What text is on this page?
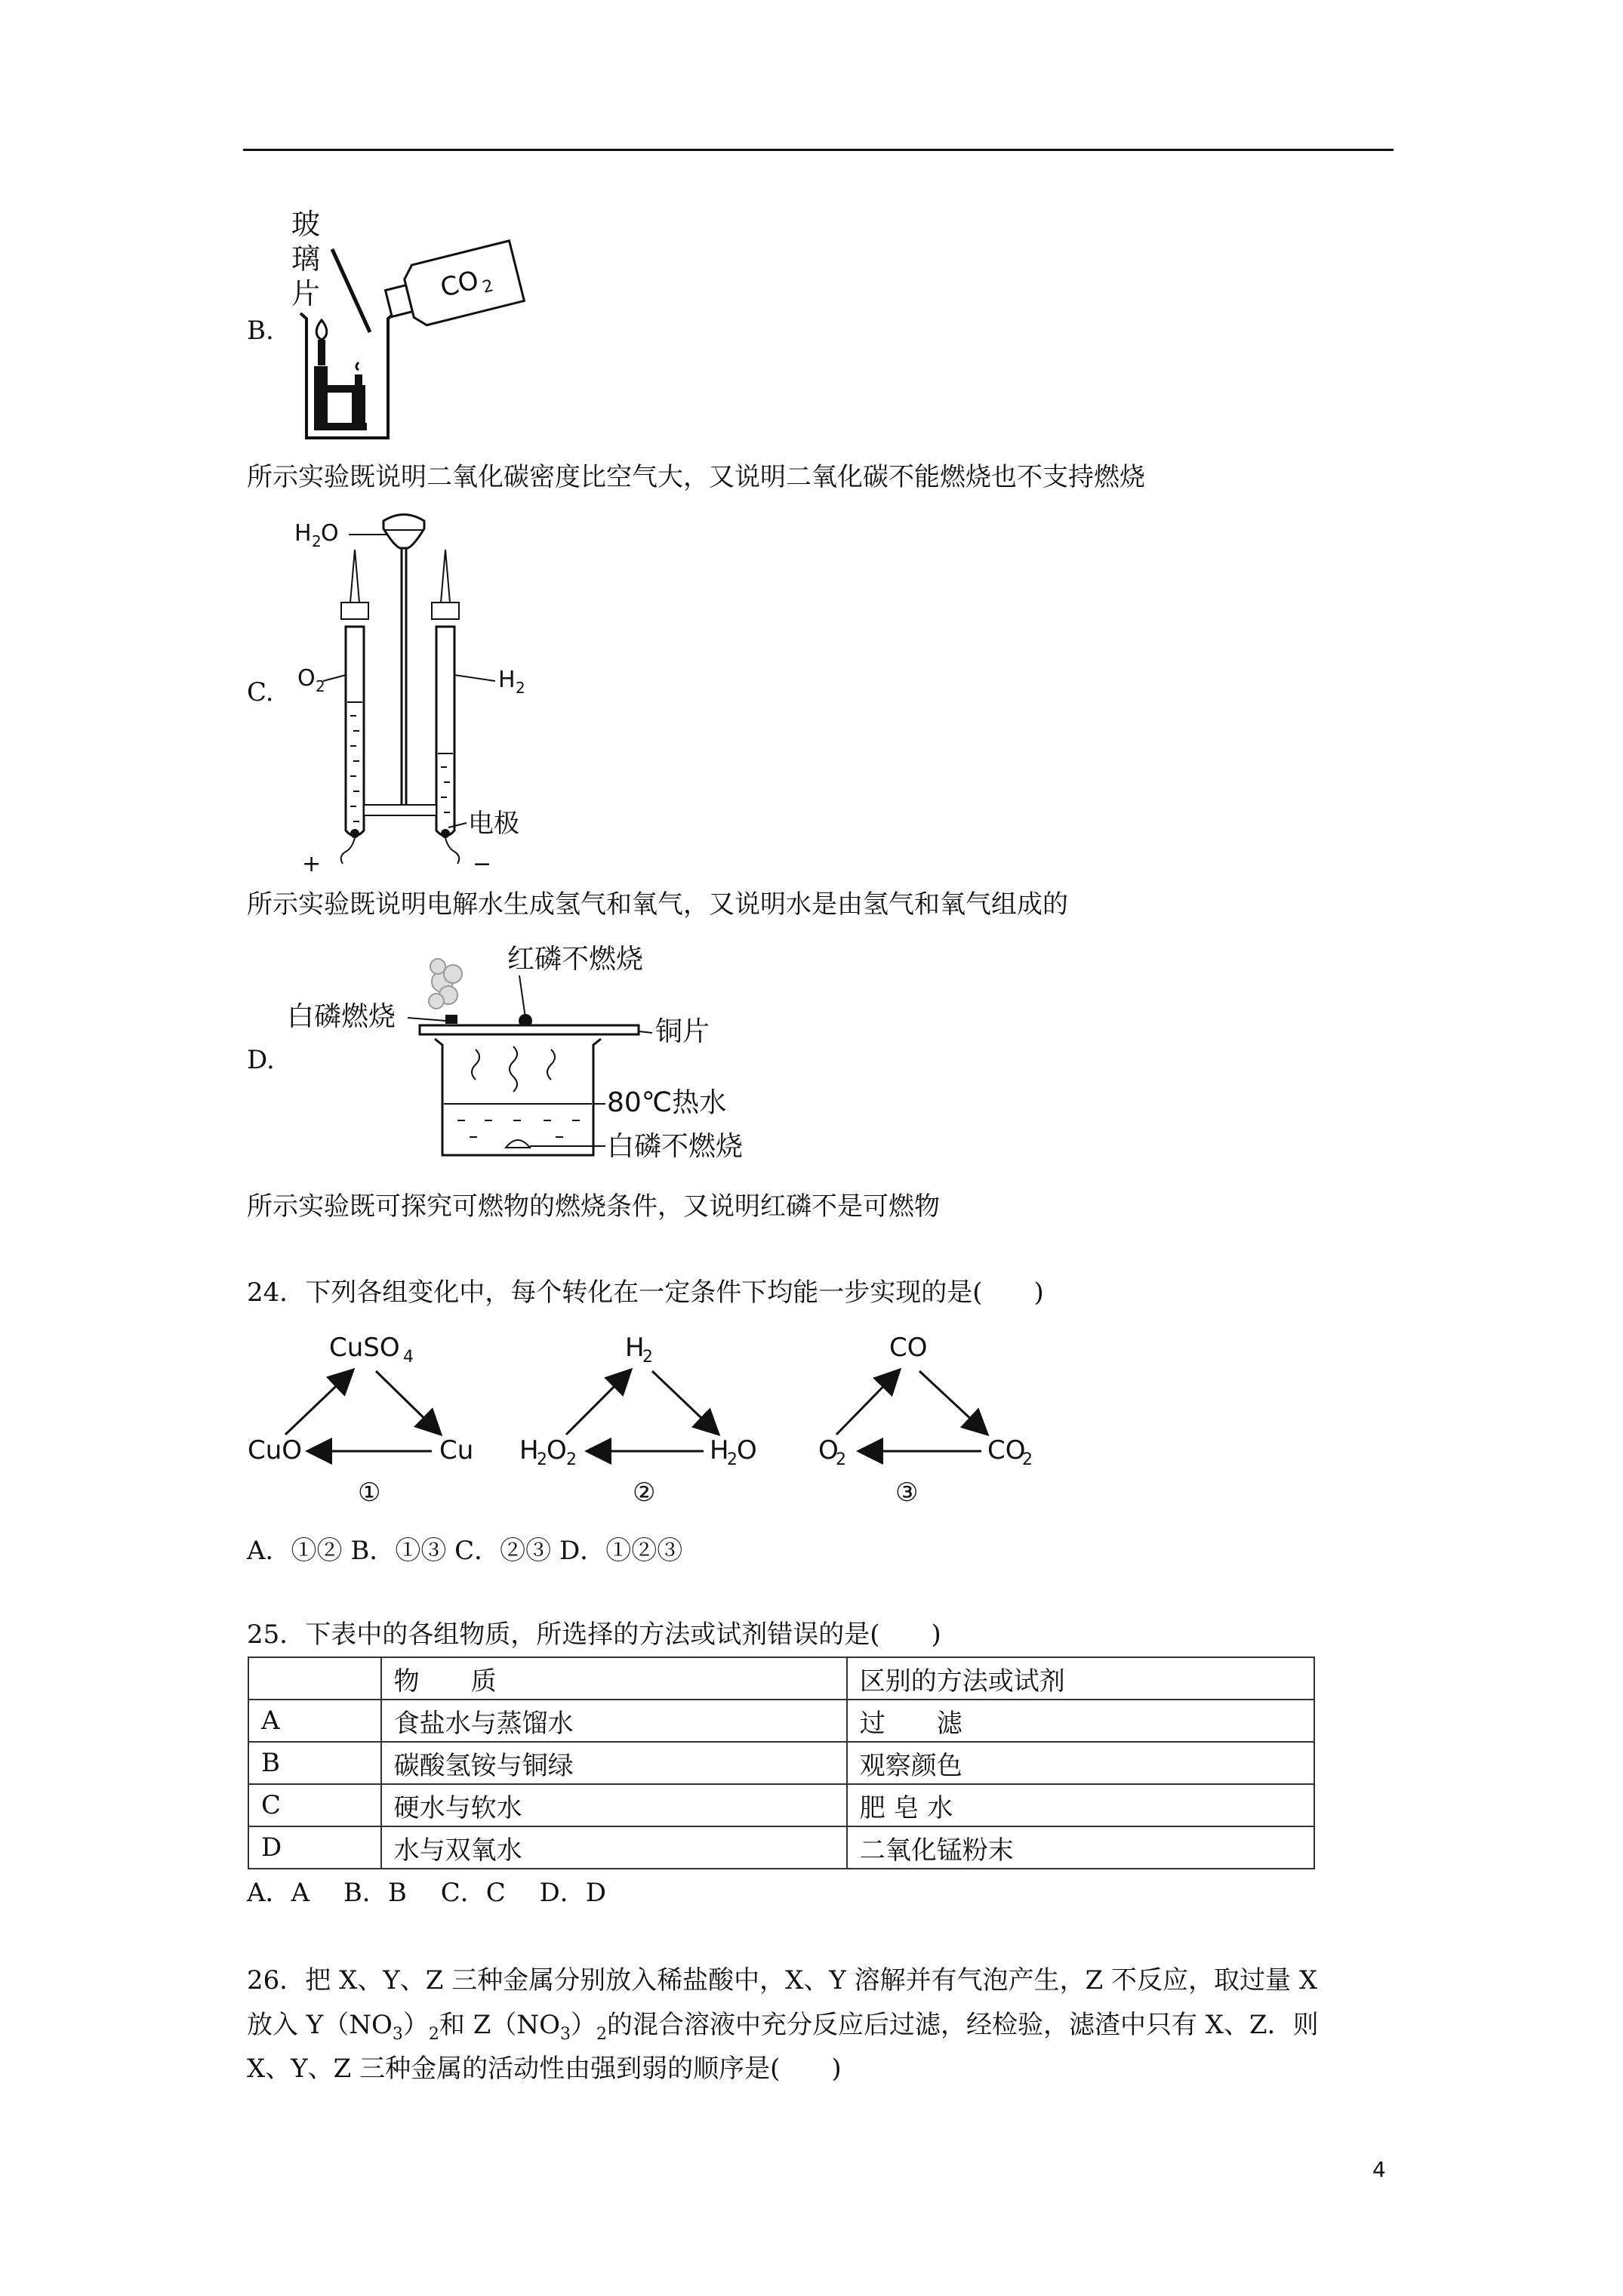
B.
玻
璃
片	CO
2
所示实验既说明二氧化碳密度比空气大，又说明二氧化碳不能燃烧也不支持燃烧
C.
H 2 O
O 2	H 2
电极
+	−
所示实验既说明电解水生成氢气和氧气，又说明水是由氢气和氧气组成的
D.
红磷不燃烧
白磷燃烧	铜片
80℃热水
白磷不燃烧
所示实验既可探究可燃物的燃烧条件，又说明红磷不是可燃物
24．下列各组变化中，每个转化在一定条件下均能一步实现的是(　　)
CuSO 4
CuO	Cu
①
H
2
H
2 O 2	H
2 O
②
CO
O
2	CO
2
③
A．①② B．①③ C．②③ D．①②③
25．下表中的各组物质，所选择的方法或试剂错误的是(　　)
	物　　质	区别的方法或试剂
A	食盐水与蒸馏水	过　　滤
B	碳酸氢铵与铜绿	观察颜色
C	硬水与软水	肥 皂 水
D	水与双氧水	二氧化锰粉末
A．A　 B．B　 C．C　 D．D
26．把 X、Y、Z 三种金属分别放入稀盐酸中，X、Y 溶解并有气泡产生，Z 不反应，取过量 X
放入 $Y(NO_3)_2$和 $Z(NO_3)_2$的混合溶液中充分反应后过滤，经检验，滤渣中只有 X、Z．则
X、Y、Z 三种金属的活动性由强到弱的顺序是(　　)
4
